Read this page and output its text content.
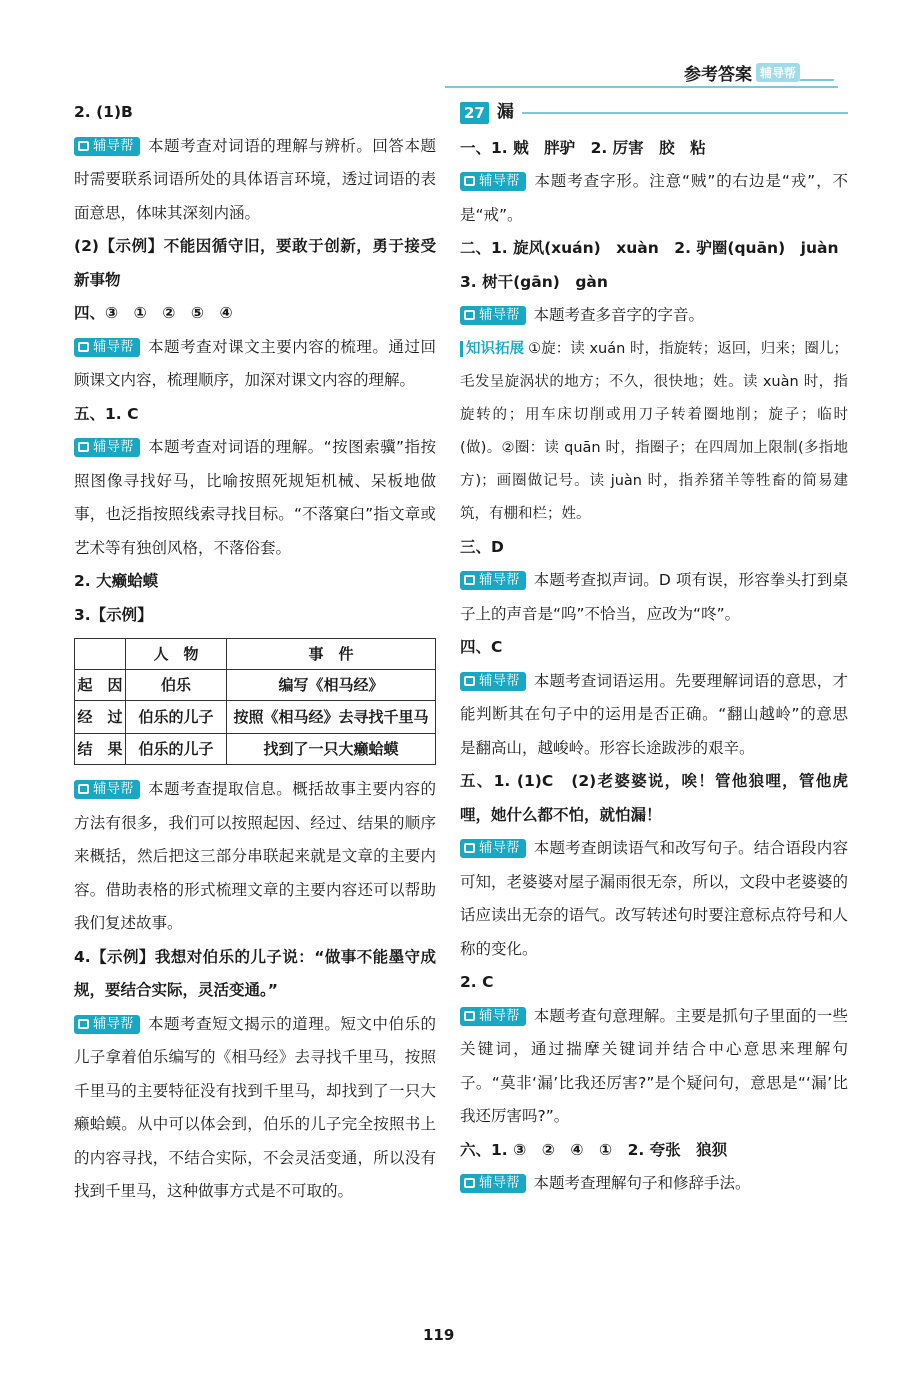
参考答案 辅导帮

2. (1)B

辅导帮 本题考查对词语的理解与辨析。回答本题时需要联系词语所处的具体语言环境，透过词语的表面意思，体味其深刻内涵。

(2)【示例】不能因循守旧，要敢于创新，勇于接受新事物

四、③　①　②　⑤　④

辅导帮 本题考查对课文主要内容的梳理。通过回顾课文内容，梳理顺序，加深对课文内容的理解。

五、1. C

辅导帮 本题考查对词语的理解。“按图索骥”指按照图像寻找好马，比喻按照死规矩机械、呆板地做事，也泛指按照线索寻找目标。“不落窠臼”指文章或艺术等有独创风格，不落俗套。

2. 大癞蛤蟆

3.【示例】

	人　物	事　件
起　因	伯乐	编写《相马经》
经　过	伯乐的儿子	按照《相马经》去寻找千里马
结　果	伯乐的儿子	找到了一只大癞蛤蟆

辅导帮 本题考查提取信息。概括故事主要内容的方法有很多，我们可以按照起因、经过、结果的顺序来概括，然后把这三部分串联起来就是文章的主要内容。借助表格的形式梳理文章的主要内容还可以帮助我们复述故事。

4.【示例】我想对伯乐的儿子说：“做事不能墨守成规，要结合实际，灵活变通。”

辅导帮 本题考查短文揭示的道理。短文中伯乐的儿子拿着伯乐编写的《相马经》去寻找千里马，按照千里马的主要特征没有找到千里马，却找到了一只大癞蛤蟆。从中可以体会到，伯乐的儿子完全按照书上的内容寻找，不结合实际，不会灵活变通，所以没有找到千里马，这种做事方式是不可取的。

27 漏

一、1. 贼　胖驴　2. 厉害　胶　粘

辅导帮 本题考查字形。注意“贼”的右边是“戎”，不是“戒”。

二、1. 旋风(xuán)　xuàn　2. 驴圈(quān)　juàn

3. 树干(gān)　gàn

辅导帮 本题考查多音字的字音。

知识拓展 ①旋：读 xuán 时，指旋转；返回，归来；圈儿；毛发呈旋涡状的地方；不久，很快地；姓。读 xuàn 时，指旋转的；用车床切削或用刀子转着圈地削；旋子；临时(做)。②圈：读 quān 时，指圈子；在四周加上限制(多指地方)；画圈做记号。读 juàn 时，指养猪羊等牲畜的简易建筑，有棚和栏；姓。

三、D

辅导帮 本题考查拟声词。D 项有误，形容拳头打到桌子上的声音是“呜”不恰当，应改为“咚”。

四、C

辅导帮 本题考查词语运用。先要理解词语的意思，才能判断其在句子中的运用是否正确。“翻山越岭”的意思是翻高山，越峻岭。形容长途跋涉的艰辛。

五、1. (1)C　(2)老婆婆说，唉！管他狼哩，管他虎哩，她什么都不怕，就怕漏！

辅导帮 本题考查朗读语气和改写句子。结合语段内容可知，老婆婆对屋子漏雨很无奈，所以，文段中老婆婆的话应读出无奈的语气。改写转述句时要注意标点符号和人称的变化。

2. C

辅导帮 本题考查句意理解。主要是抓句子里面的一些关键词，通过揣摩关键词并结合中心意思来理解句子。“莫非‘漏’比我还厉害?”是个疑问句，意思是“‘漏’比我还厉害吗?”。

六、1. ③　②　④　①　2. 夸张　狼狈

辅导帮 本题考查理解句子和修辞手法。

119
